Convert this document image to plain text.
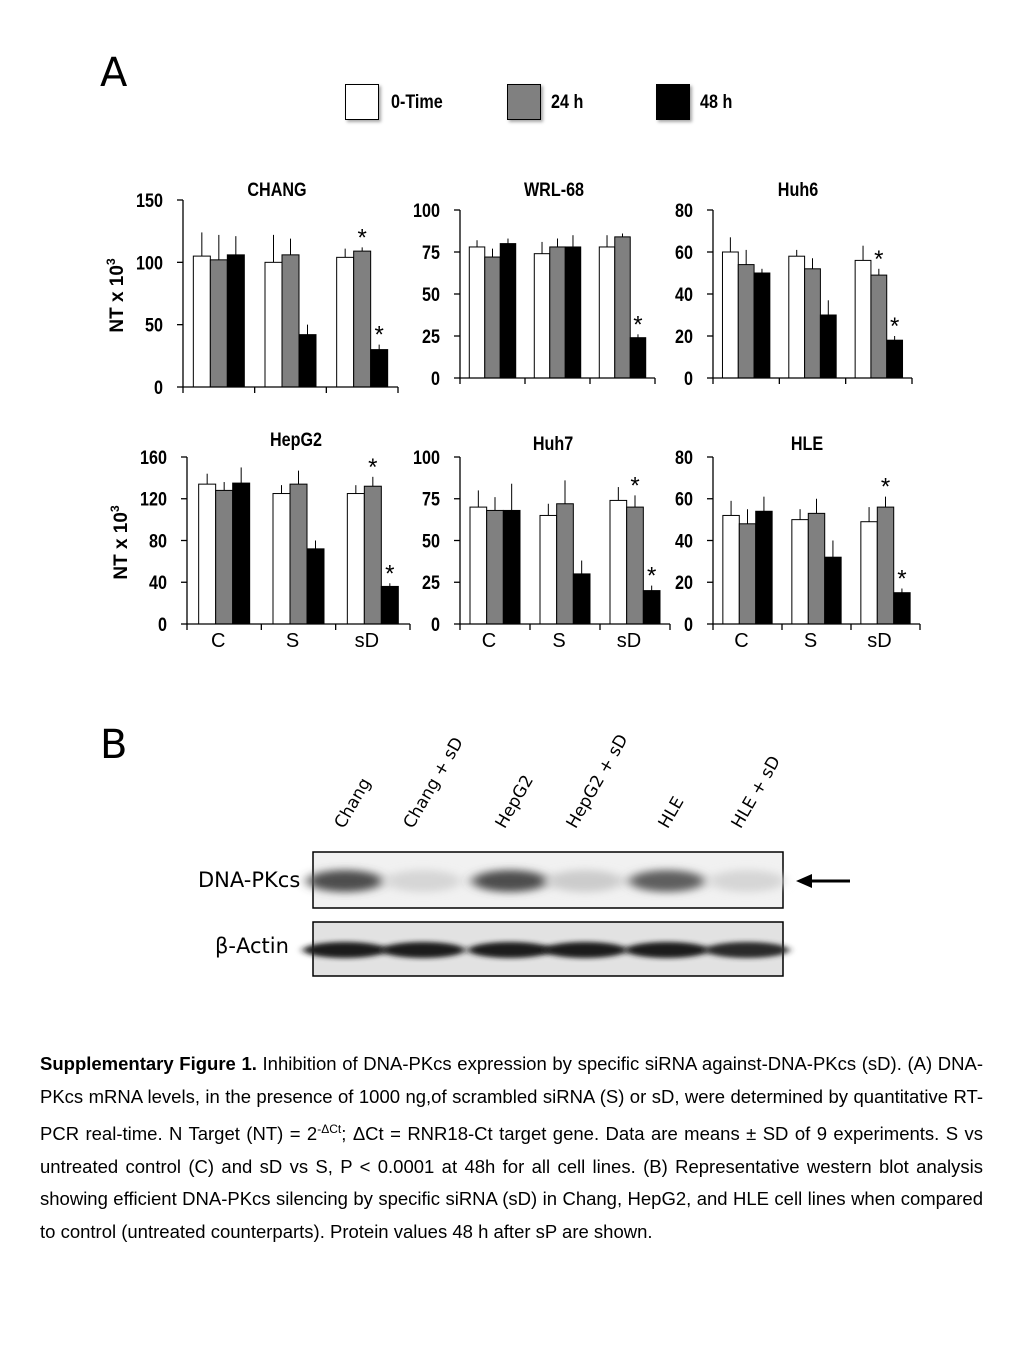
A
0-Time	24 h	48 h
CHANG
*
*
0
50
100
150
NT x $10^3$
WRL-68
*
0
25
50
75
100
Huh6
*
*
0
20
40
60
80
HepG2
*
*
0
40
80
120
160
C	S	sD
NT x $10^3$
Huh7
*
*
0
25
50
75
100
C	S	sD
HLE
*
*
0
20
40
60
80
C	S	sD
B
Chang Chang + sD HepG2 HepG2 + sD HLE HLE + sD
DNA-PKcs
β-Actin
Supplementary Figure 1. Inhibition of DNA-PKcs expression by specific siRNA against-DNA-PKcs (sD). (A) DNA-PKcs mRNA levels, in the presence of 1000 ng,of scrambled siRNA (S) or sD, were determined by quantitative RT-PCR real-time. N Target $(NT) = 2^{-\Delta Ct}$; ΔCt = RNR18-Ct target gene. Data are means ± SD of 9 experiments. S vs untreated control (C) and sD vs S, P < 0.0001 at 48h for all cell lines. (B) Representative western blot analysis showing efficient DNA-PKcs silencing by specific siRNA (sD) in Chang, HepG2, and HLE cell lines when compared to control (untreated counterparts). Protein values 48 h after sP are shown.
